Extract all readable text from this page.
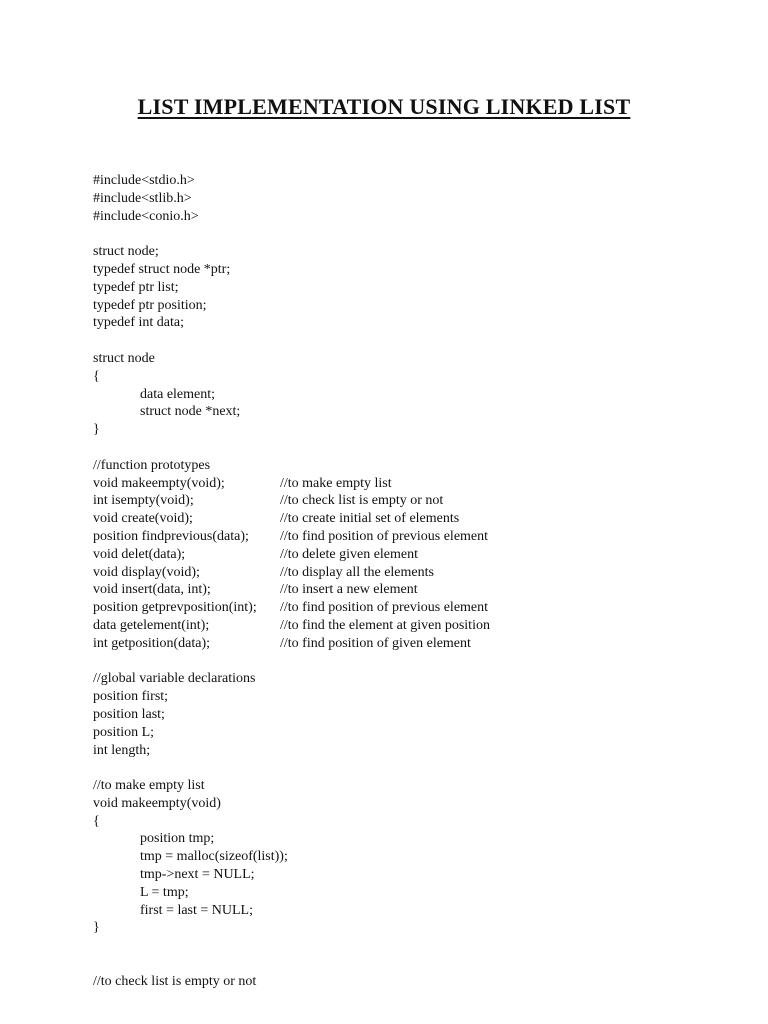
LIST IMPLEMENTATION USING LINKED LIST
#include<stdio.h>
#include<stlib.h>
#include<conio.h>
struct node;
typedef struct node *ptr;
typedef ptr list;
typedef ptr position;
typedef int data;
struct node
{
data element;
struct node *next;
}
//function prototypes
void makeempty(void);	//to make empty list
int isempty(void);	//to check list is empty or not
void create(void);	//to create initial set of elements
position findprevious(data);	//to find position of previous element
void delet(data);	//to delete given element
void display(void);	//to display all the elements
void insert(data, int);	//to insert a new element
position getprevposition(int);	//to find position of previous element
data getelement(int);	//to find the element at given position
int getposition(data);	//to find position of given element
//global variable declarations
position first;
position last;
position L;
int length;
//to make empty list
void makeempty(void)
{
position tmp;
tmp = malloc(sizeof(list));
tmp->next = NULL;
L = tmp;
first = last = NULL;
}
//to check list is empty or not
